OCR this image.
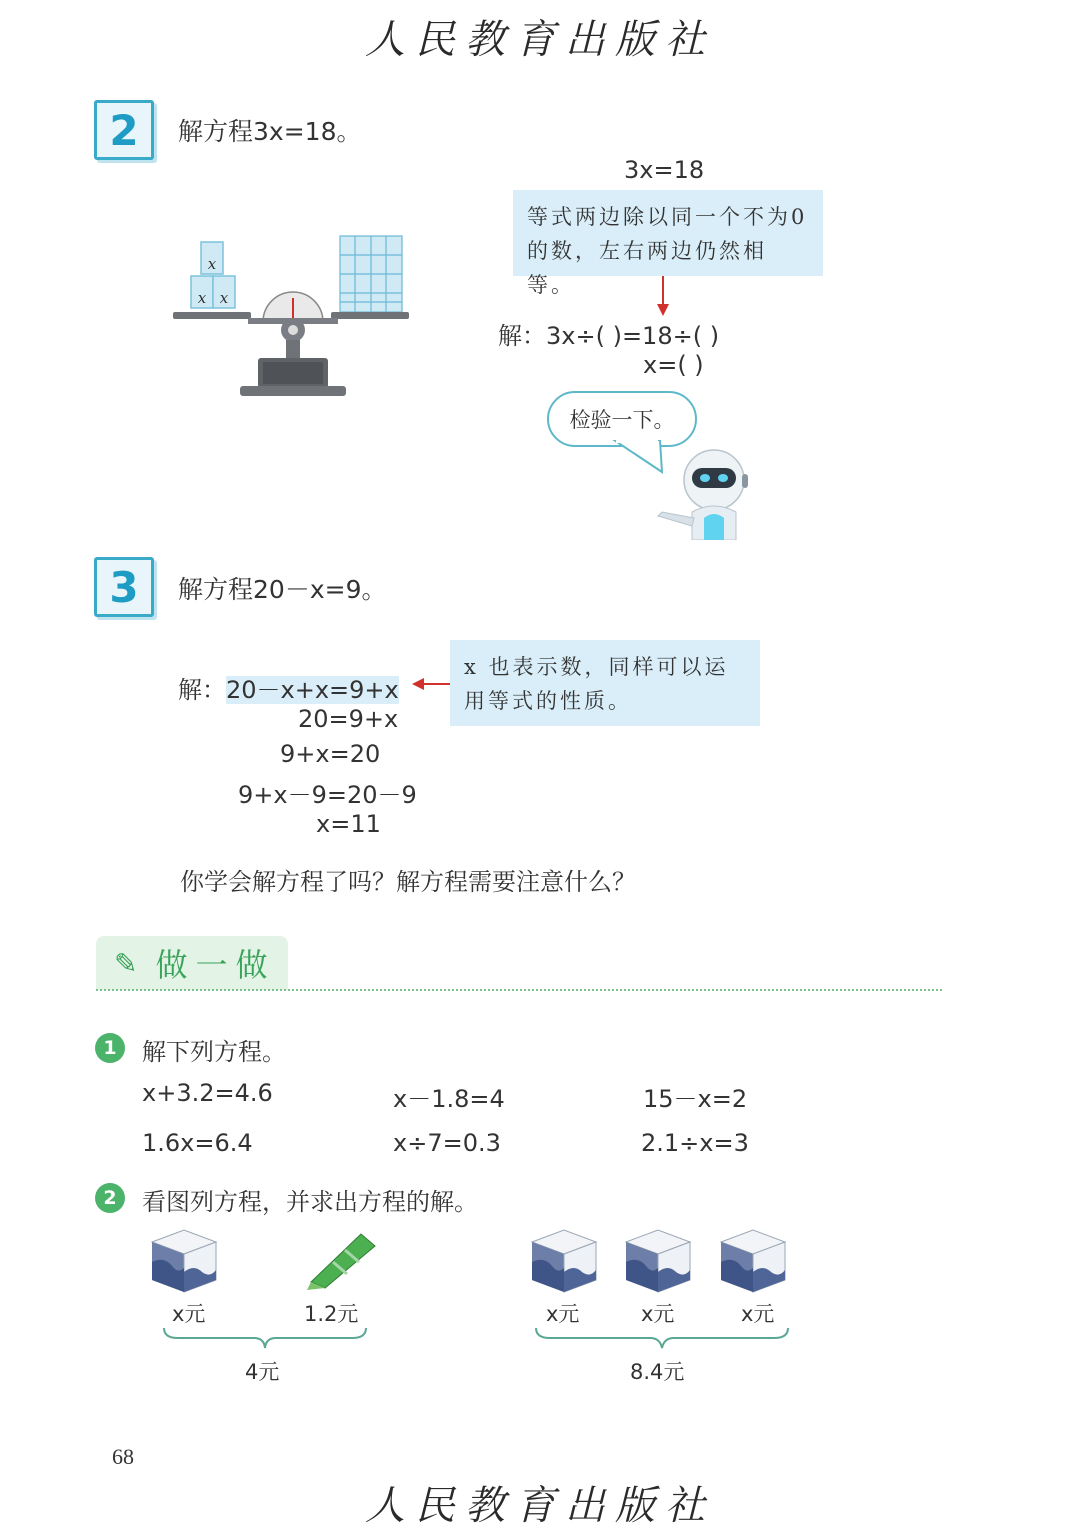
人民教育出版社
2	解方程3x=18。
x
x x
3x=18
等式两边除以同一个不为0的数，左右两边仍然相等。
解：3x÷( )=18÷( )
x=( )
检验一下。
3	解方程20－x=9。
解：20－x+x=9+x
x 也表示数，同样可以运用等式的性质。
20=9+x
9+x=20
9+x－9=20－9
x=11
你学会解方程了吗？解方程需要注意什么？
✎ 做一做
1	解下列方程。
x+3.2=4.6	x－1.8=4	15－x=2
1.6x=6.4	x÷7=0.3	2.1÷x=3
2	看图列方程，并求出方程的解。
x元	1.2元
4元
x元	x元	x元
8.4元
68
人民教育出版社
